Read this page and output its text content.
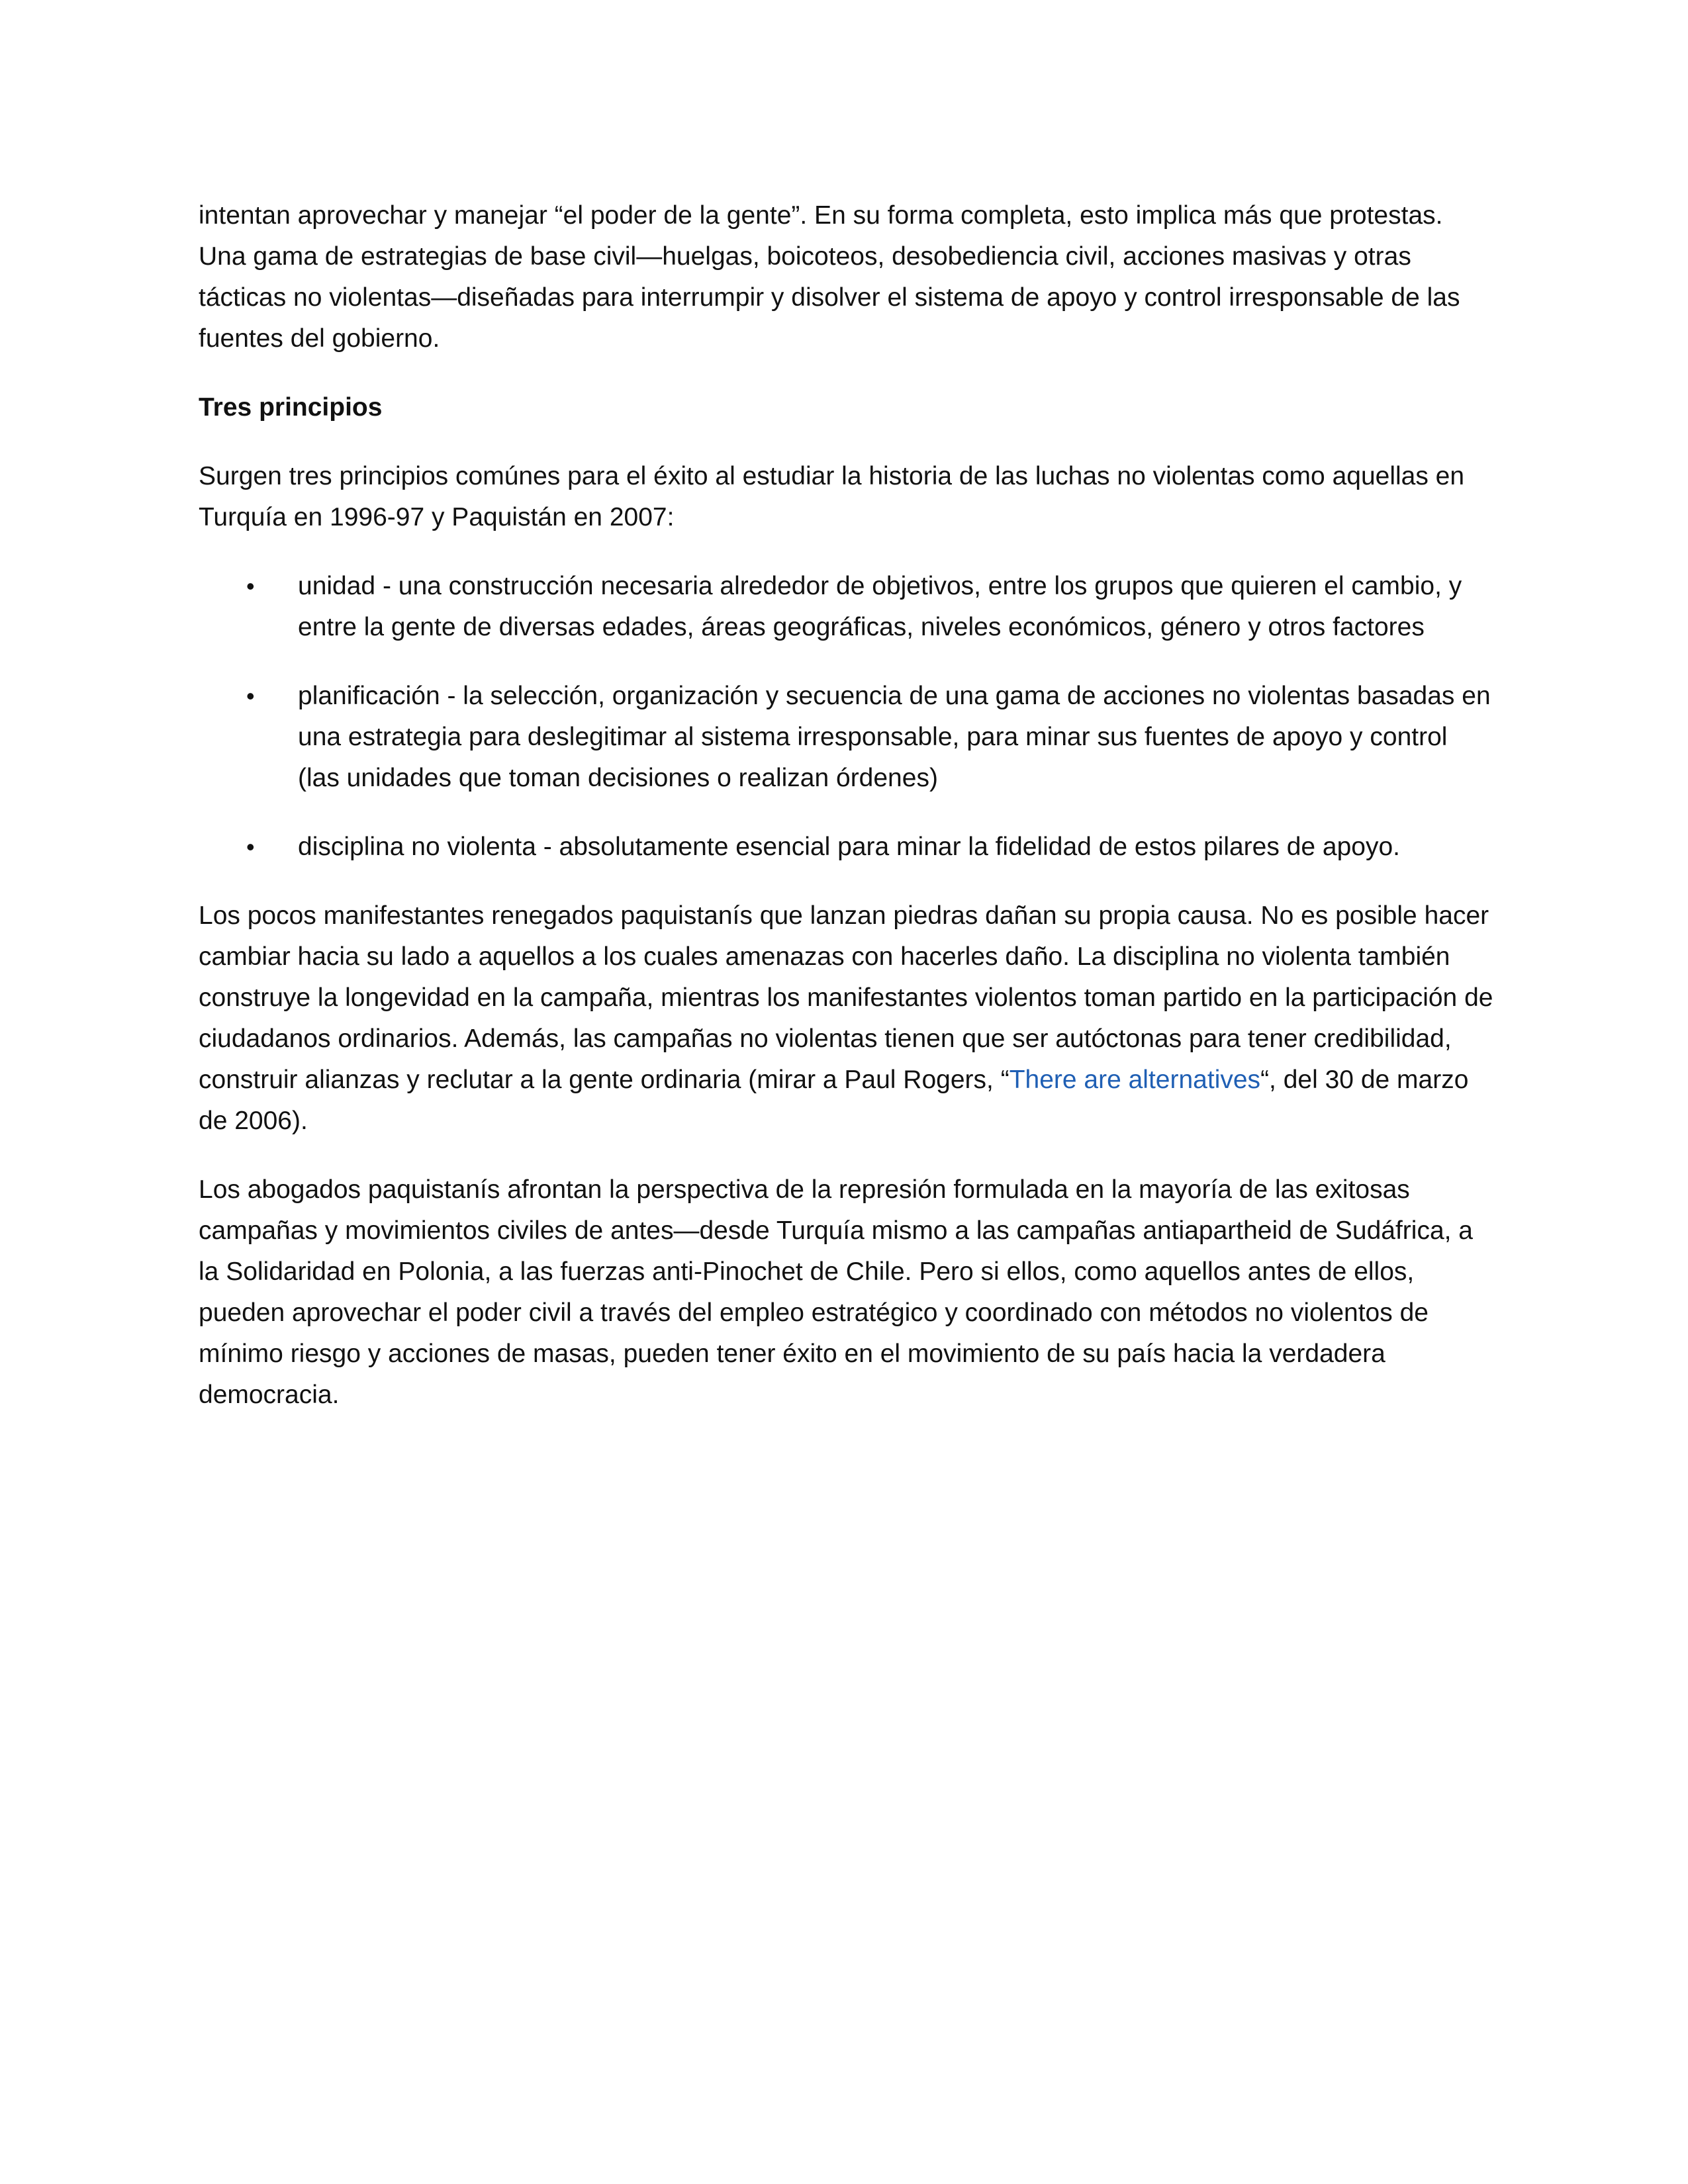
intentan aprovechar y manejar “el poder de la gente”. En su forma completa, esto implica más que protestas. Una gama de estrategias de base civil—huelgas, boicoteos, desobediencia civil, acciones masivas y otras tácticas no violentas—diseñadas para interrumpir y disolver el sistema de apoyo y control irresponsable de las fuentes del gobierno.

Tres principios

Surgen tres principios comúnes para el éxito al estudiar la historia de las luchas no violentas como aquellas en Turquía en 1996-97 y Paquistán en 2007:

• unidad - una construcción necesaria alrededor de objetivos, entre los grupos que quieren el cambio, y entre la gente de diversas edades, áreas geográficas, niveles económicos, género y otros factores
• planificación - la selección, organización y secuencia de una gama de acciones no violentas basadas en una estrategia para deslegitimar al sistema irresponsable, para minar sus fuentes de apoyo y control (las unidades que toman decisiones o realizan órdenes)
• disciplina no violenta - absolutamente esencial para minar la fidelidad de estos pilares de apoyo.

Los pocos manifestantes renegados paquistanís que lanzan piedras dañan su propia causa. No es posible hacer cambiar hacia su lado a aquellos a los cuales amenazas con hacerles daño. La disciplina no violenta también construye la longevidad en la campaña, mientras los manifestantes violentos toman partido en la participación de ciudadanos ordinarios. Además, las campañas no violentas tienen que ser autóctonas para tener credibilidad, construir alianzas y reclutar a la gente ordinaria (mirar a Paul Rogers, “There are alternatives“, del 30 de marzo de 2006).

Los abogados paquistanís afrontan la perspectiva de la represión formulada en la mayoría de las exitosas campañas y movimientos civiles de antes—desde Turquía mismo a las campañas antiapartheid de Sudáfrica, a la Solidaridad en Polonia, a las fuerzas anti-Pinochet de Chile. Pero si ellos, como aquellos antes de ellos, pueden aprovechar el poder civil a través del empleo estratégico y coordinado con métodos no violentos de mínimo riesgo y acciones de masas, pueden tener éxito en el movimiento de su país hacia la verdadera democracia.
